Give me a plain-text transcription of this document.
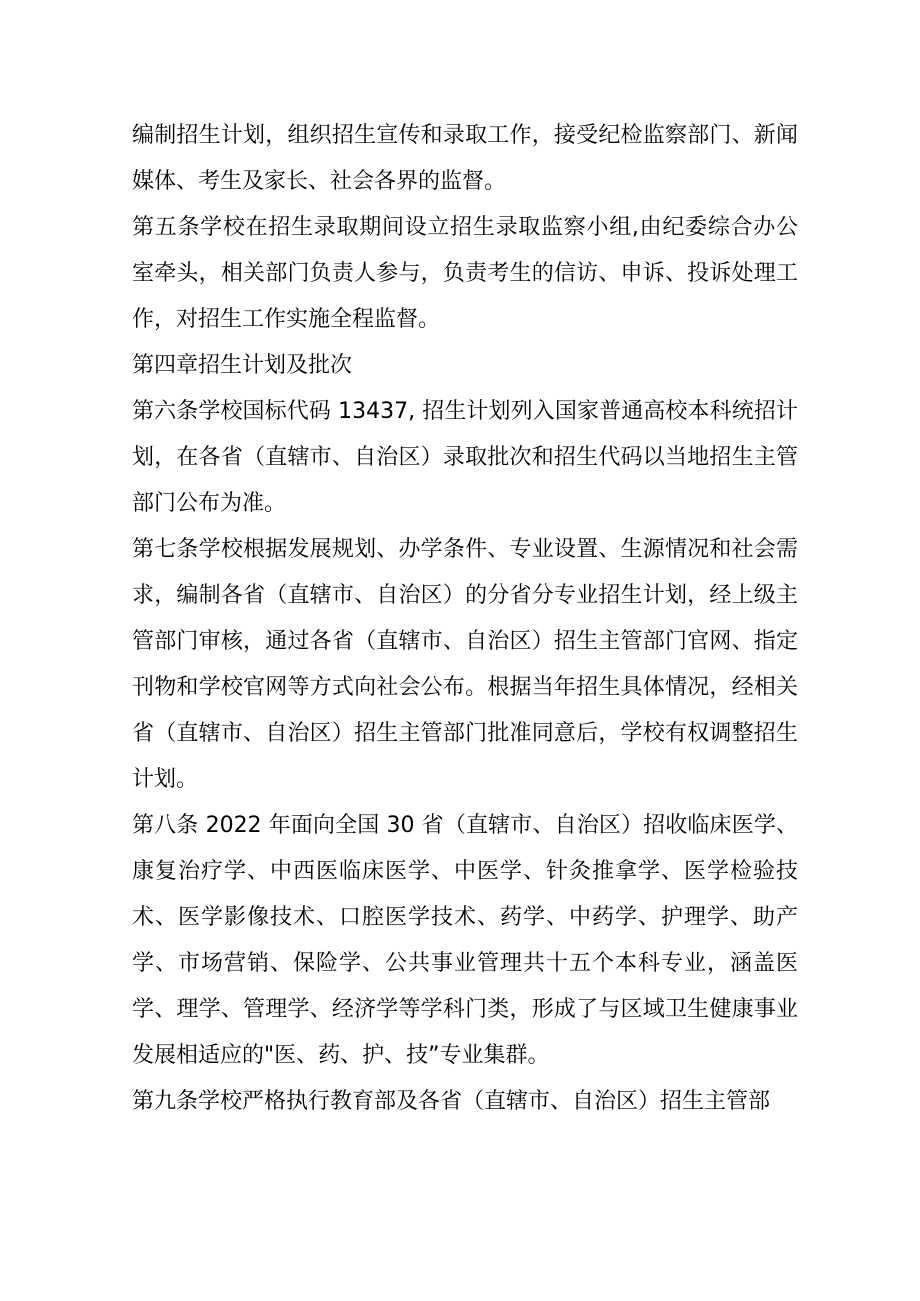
编制招生计划，组织招生宣传和录取工作，接受纪检监察部门、新闻媒体、考生及家长、社会各界的监督。

第五条学校在招生录取期间设立招生录取监察小组,由纪委综合办公室牵头，相关部门负责人参与，负责考生的信访、申诉、投诉处理工作，对招生工作实施全程监督。

第四章招生计划及批次

第六条学校国标代码 13437, 招生计划列入国家普通高校本科统招计划，在各省（直辖市、自治区）录取批次和招生代码以当地招生主管部门公布为准。

第七条学校根据发展规划、办学条件、专业设置、生源情况和社会需求，编制各省（直辖市、自治区）的分省分专业招生计划，经上级主管部门审核，通过各省（直辖市、自治区）招生主管部门官网、指定刊物和学校官网等方式向社会公布。根据当年招生具体情况，经相关省（直辖市、自治区）招生主管部门批准同意后，学校有权调整招生计划。

第八条 2022 年面向全国 30 省（直辖市、自治区）招收临床医学、康复治疗学、中西医临床医学、中医学、针灸推拿学、医学检验技术、医学影像技术、口腔医学技术、药学、中药学、护理学、助产学、市场营销、保险学、公共事业管理共十五个本科专业，涵盖医学、理学、管理学、经济学等学科门类，形成了与区域卫生健康事业发展相适应的"医、药、护、技”专业集群。

第九条学校严格执行教育部及各省（直辖市、自治区）招生主管部
